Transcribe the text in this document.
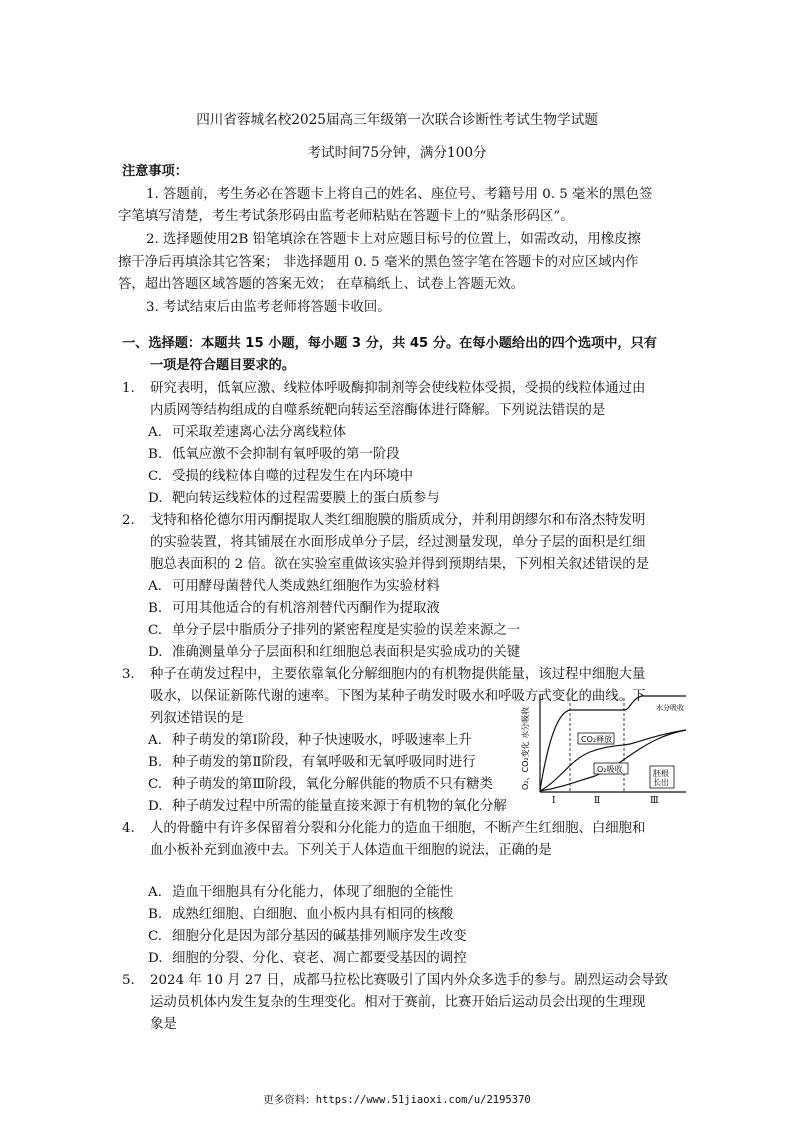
四川省蓉城名校2025届高三年级第一次联合诊断性考试生物学试题
考试时间75分钟，满分100分
注意事项：
1. 答题前，考生务必在答题卡上将自己的姓名、座位号、考籍号用 0. 5 毫米的黑色签
字笔填写清楚，考生考试条形码由监考老师粘贴在答题卡上的“贴条形码区”。
2. 选择题使用2B 铅笔填涂在答题卡上对应题目标号的位置上，如需改动，用橡皮擦
擦干净后再填涂其它答案； 非选择题用 0. 5 毫米的黑色签字笔在答题卡的对应区域内作
答，超出答题区域答题的答案无效； 在草稿纸上、试卷上答题无效。
3. 考试结束后由监考老师将答题卡收回。
一、选择题：本题共 15 小题，每小题 3 分，共 45 分。在每小题给出的四个选项中，只有
一项是符合题目要求的。
1. 研究表明，低氧应激、线粒体呼吸酶抑制剂等会使线粒体受损，受损的线粒体通过由
内质网等结构组成的自噬系统靶向转运至溶酶体进行降解。下列说法错误的是
A. 可采取差速离心法分离线粒体
B. 低氧应激不会抑制有氧呼吸的第一阶段
C. 受损的线粒体自噬的过程发生在内环境中
D. 靶向转运线粒体的过程需要膜上的蛋白质参与
2. 戈特和格伦德尔用丙酮提取人类红细胞膜的脂质成分，并利用朗缪尔和布洛杰特发明
的实验装置，将其铺展在水面形成单分子层，经过测量发现，单分子层的面积是红细
胞总表面积的 2 倍。欲在实验室重做该实验并得到预期结果，下列相关叙述错误的是
A. 可用酵母菌替代人类成熟红细胞作为实验材料
B. 可用其他适合的有机溶剂替代丙酮作为提取液
C. 单分子层中脂质分子排列的紧密程度是实验的误差来源之一
D. 准确测量单分子层面积和红细胞总表面积是实验成功的关键
3. 种子在萌发过程中，主要依靠氧化分解细胞内的有机物提供能量，该过程中细胞大量
吸水，以保证新陈代谢的速率。下图为某种子萌发时吸水和呼吸方式变化的曲线。下
列叙述错误的是
A. 种子萌发的第Ⅰ阶段，种子快速吸水，呼吸速率上升
B. 种子萌发的第Ⅱ阶段，有氧呼吸和无氧呼吸同时进行
C. 种子萌发的第Ⅲ阶段，氧化分解供能的物质不只有糖类
D. 种子萌发过程中所需的能量直接来源于有机物的氧化分解
O₂、CO₂变化 水分吸收	CO₂释放
O₂吸收	胚根
长出
Ⅰ	Ⅱ	Ⅲ
水分吸收
4. 人的骨髓中有许多保留着分裂和分化能力的造血干细胞，不断产生红细胞、白细胞和
血小板补充到血液中去。下列关于人体造血干细胞的说法，正确的是
A. 造血干细胞具有分化能力，体现了细胞的全能性
B. 成熟红细胞、白细胞、血小板内具有相同的核酸
C. 细胞分化是因为部分基因的碱基排列顺序发生改变
D. 细胞的分裂、分化、衰老、凋亡都要受基因的调控
5. 2024 年 10 月 27 日，成都马拉松比赛吸引了国内外众多选手的参与。剧烈运动会导致
运动员机体内发生复杂的生理变化。相对于赛前，比赛开始后运动员会出现的生理现
象是
更多资料：https://www.51jiaoxi.com/u/2195370
